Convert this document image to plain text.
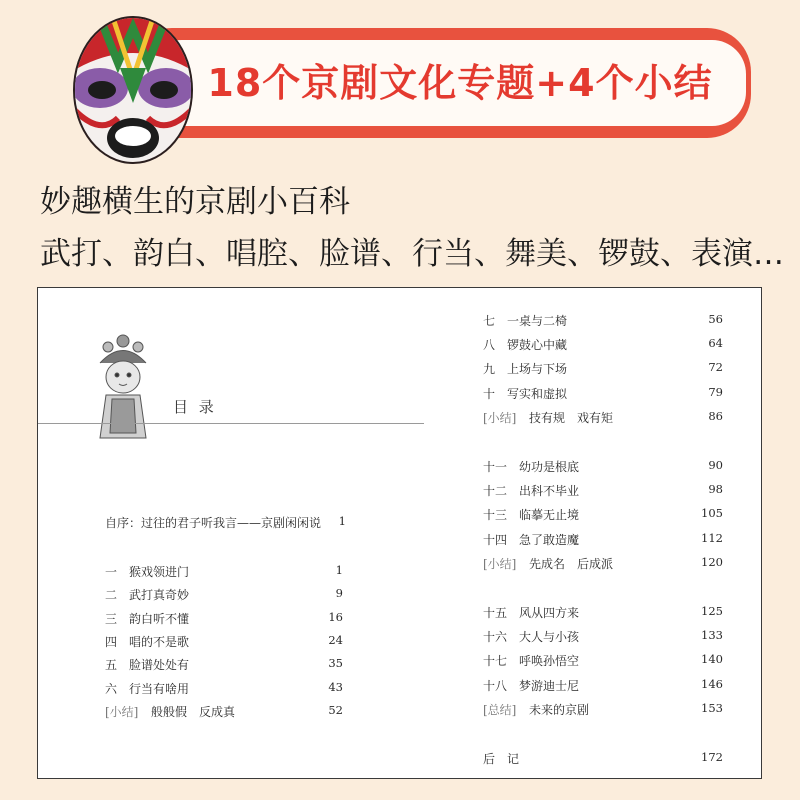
18个京剧文化专题+4个小结
妙趣横生的京剧小百科
武打、韵白、唱腔、脸谱、行当、舞美、锣鼓、表演…
目 录
自序：过往的君子听我言——京剧闲闲说	1
一 猴戏领进门	1
二 武打真奇妙	9
三 韵白听不懂	16
四 唱的不是歌	24
五 脸谱处处有	35
六 行当有啥用	43
[小结] 般般假　反成真	52
七 一桌与二椅	56
八 锣鼓心中藏	64
九 上场与下场	72
十 写实和虚拟	79
[小结] 技有规　戏有矩	86
十一 幼功是根底	90
十二 出科不毕业	98
十三 临摹无止境	105
十四 急了敢造魔	112
[小结] 先成名　后成派	120
十五 风从四方来	125
十六 大人与小孩	133
十七 呼唤孙悟空	140
十八 梦游迪士尼	146
[总结] 未来的京剧	153
后　记	172
